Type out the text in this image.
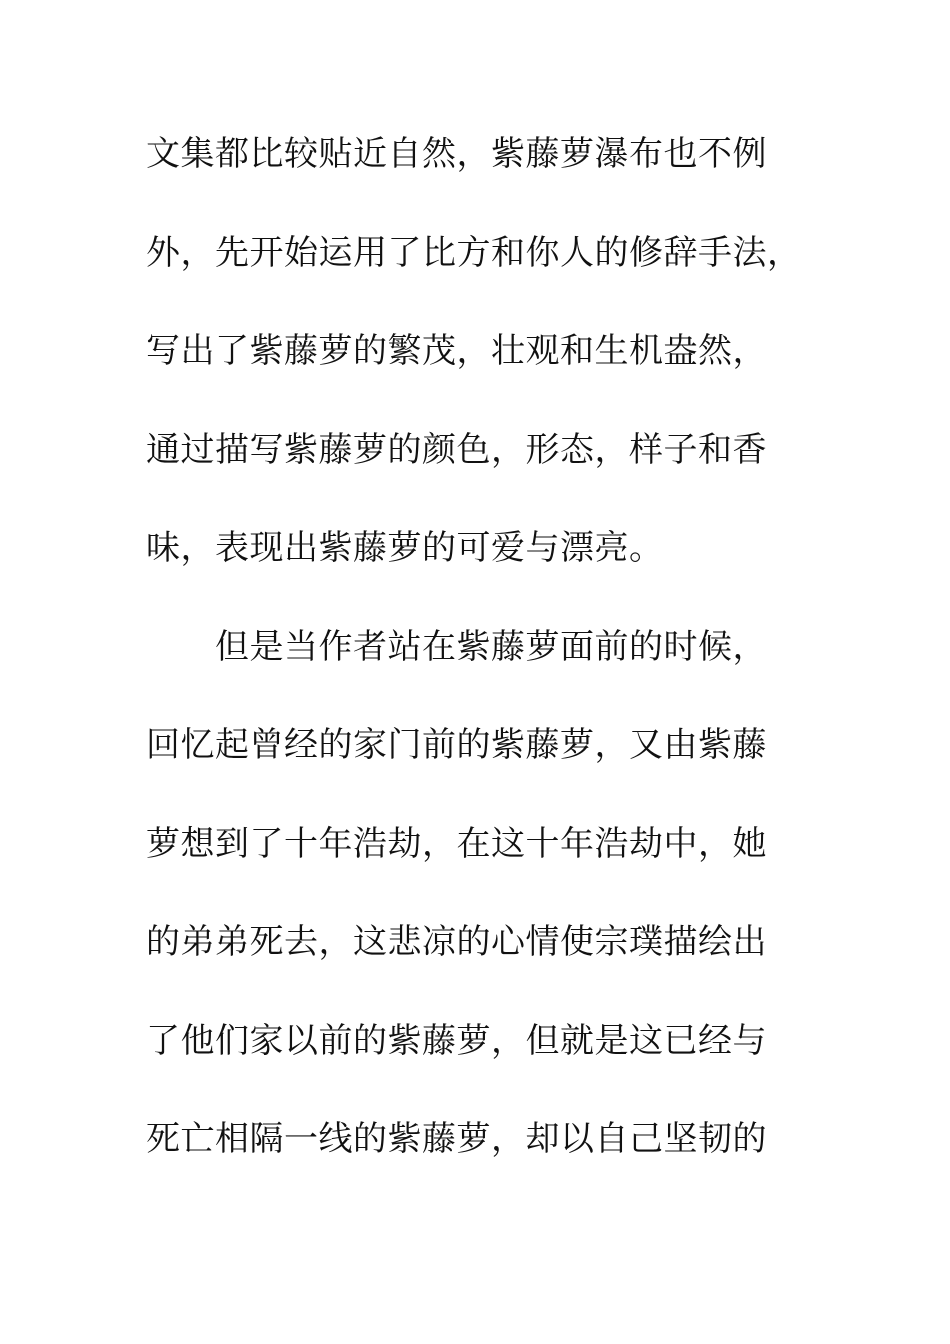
文集都比较贴近自然，紫藤萝瀑布也不例
外，先开始运用了比方和你人的修辞手法，
写出了紫藤萝的繁茂，壮观和生机盎然，
通过描写紫藤萝的颜色，形态，样子和香
味，表现出紫藤萝的可爱与漂亮。
但是当作者站在紫藤萝面前的时候，
回忆起曾经的家门前的紫藤萝，又由紫藤
萝想到了十年浩劫，在这十年浩劫中，她
的弟弟死去，这悲凉的心情使宗璞描绘出
了他们家以前的紫藤萝，但就是这已经与
死亡相隔一线的紫藤萝，却以自己坚韧的
